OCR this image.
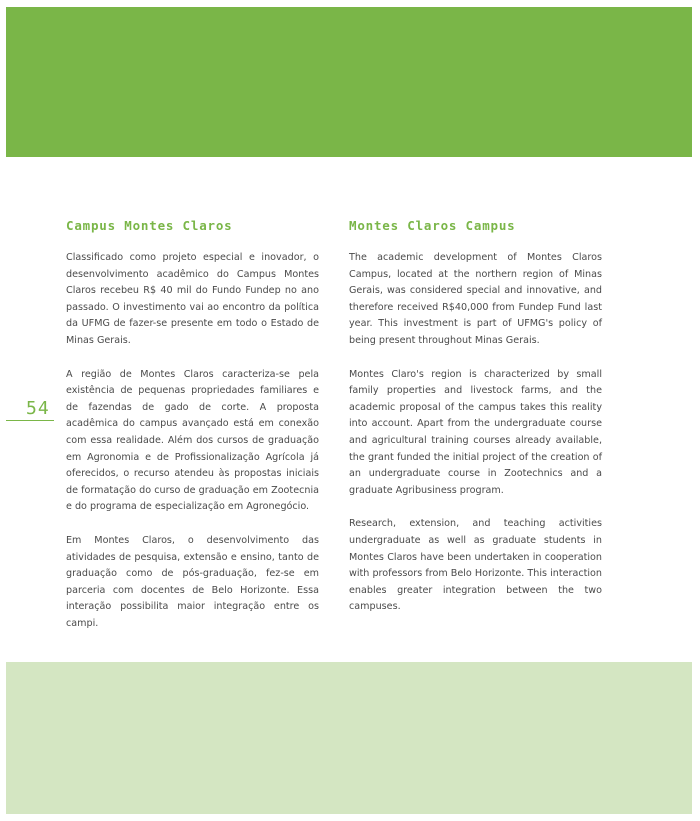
54
Campus Montes Claros

Classificado como projeto especial e inovador, o desenvolvimento acadêmico do Campus Montes Claros recebeu R$ 40 mil do Fundo Fundep no ano passado. O investimento vai ao encontro da política da UFMG de fazer-se presente em todo o Estado de Minas Gerais.

A região de Montes Claros caracteriza-se pela existência de pequenas propriedades familiares e de fazendas de gado de corte. A proposta acadêmica do campus avançado está em conexão com essa realidade. Além dos cursos de graduação em Agronomia e de Profissionalização Agrícola já oferecidos, o recurso atendeu às propostas iniciais de formatação do curso de graduação em Zootecnia e do programa de especialização em Agronegócio.

Em Montes Claros, o desenvolvimento das atividades de pesquisa, extensão e ensino, tanto de graduação como de pós-graduação, fez-se em parceria com docentes de Belo Horizonte. Essa interação possibilita maior integração entre os campi.

Montes Claros Campus

The academic development of Montes Claros Campus, located at the northern region of Minas Gerais, was considered special and innovative, and therefore received R$40,000 from Fundep Fund last year. This investment is part of UFMG's policy of being present throughout Minas Gerais.

Montes Claro's region is characterized by small family properties and livestock farms, and the academic proposal of the campus takes this reality into account. Apart from the undergraduate course and agricultural training courses already available, the grant funded the initial project of the creation of an undergraduate course in Zootechnics and a graduate Agribusiness program.

Research, extension, and teaching activities undergraduate as well as graduate students in Montes Claros have been undertaken in cooperation with professors from Belo Horizonte. This interaction enables greater integration between the two campuses.
